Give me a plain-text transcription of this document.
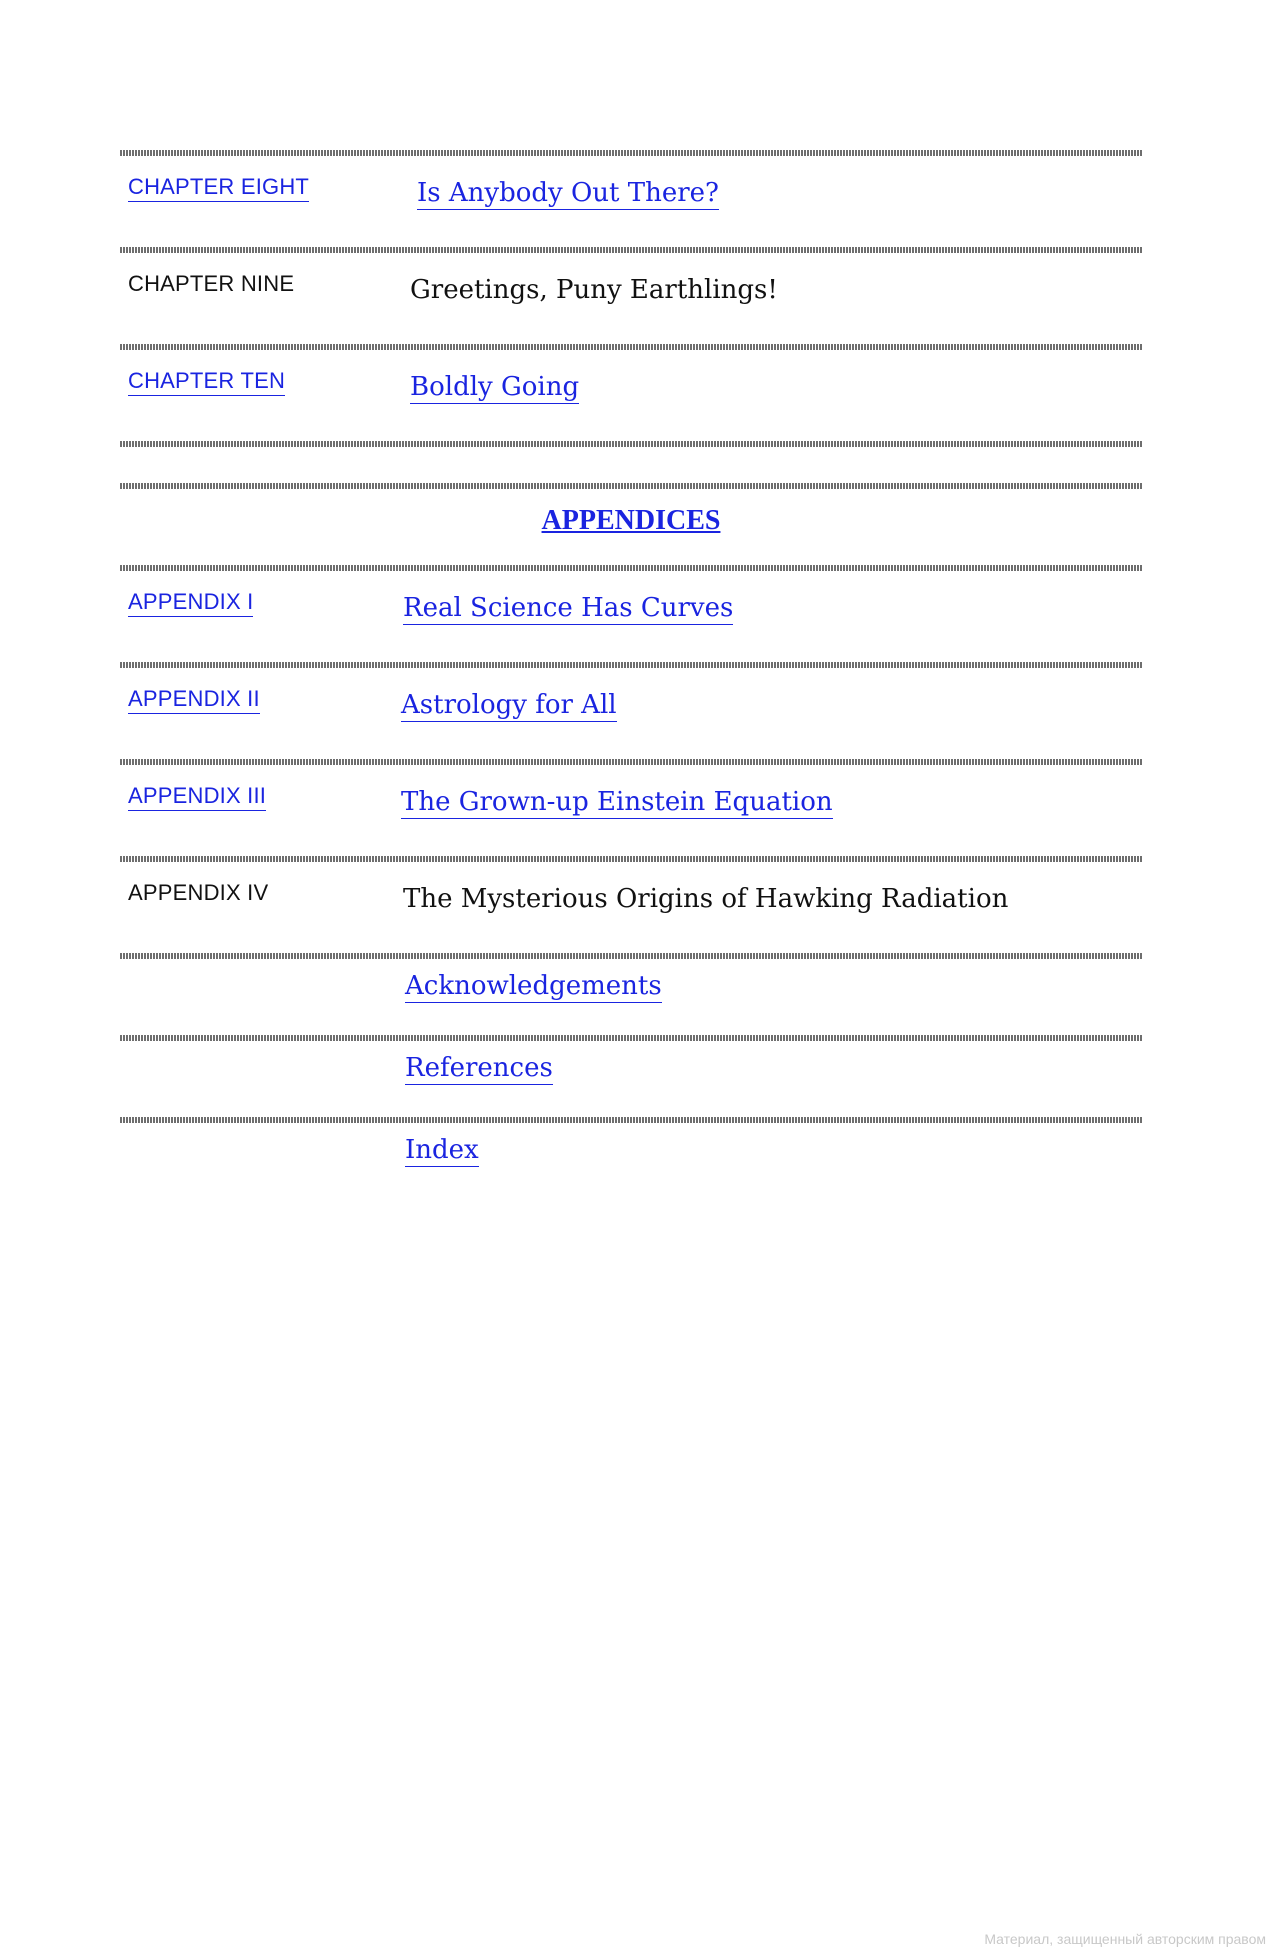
CHAPTER EIGHT	Is Anybody Out There?
CHAPTER NINE	Greetings, Puny Earthlings!
CHAPTER TEN	Boldly Going
APPENDICES
APPENDIX I	Real Science Has Curves
APPENDIX II	Astrology for All
APPENDIX III	The Grown-up Einstein Equation
APPENDIX IV	The Mysterious Origins of Hawking Radiation
Acknowledgements
References
Index
Материал, защищенный авторским правом
